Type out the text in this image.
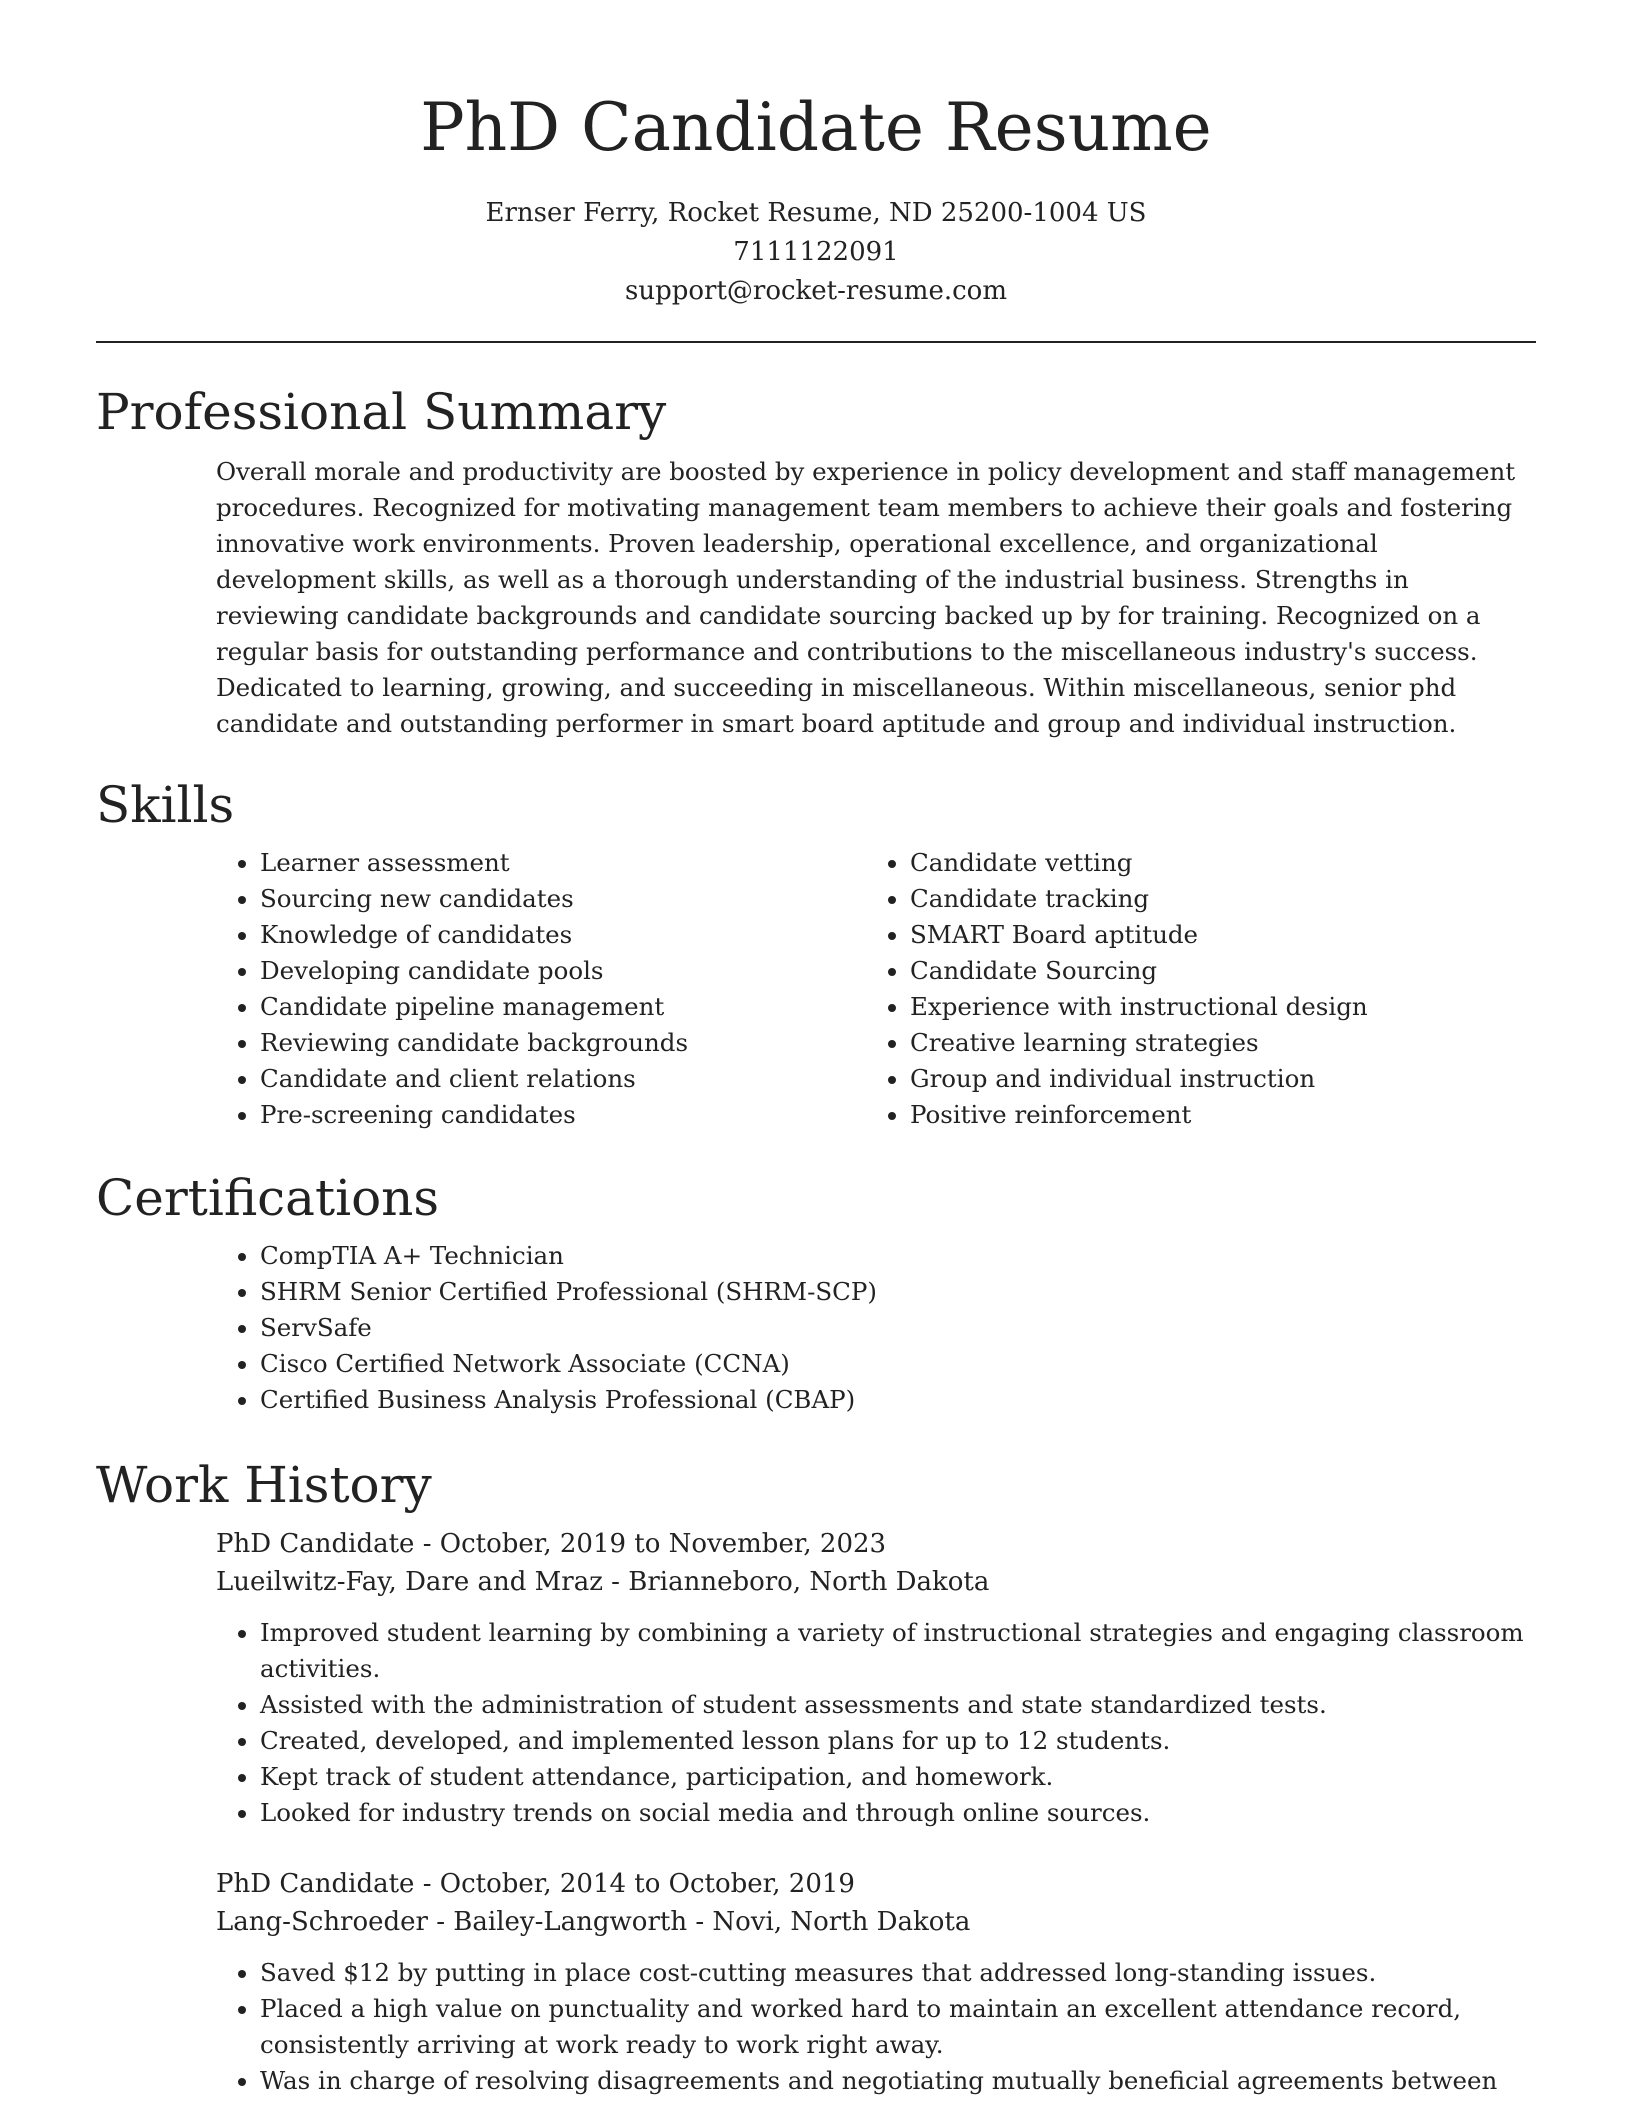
PhD Candidate Resume
Ernser Ferry, Rocket Resume, ND 25200-1004 US
7111122091
support@rocket-resume.com
Professional Summary
Overall morale and productivity are boosted by experience in policy development and staff management procedures. Recognized for motivating management team members to achieve their goals and fostering innovative work environments. Proven leadership, operational excellence, and organizational development skills, as well as a thorough understanding of the industrial business. Strengths in reviewing candidate backgrounds and candidate sourcing backed up by for training. Recognized on a regular basis for outstanding performance and contributions to the miscellaneous industry's success. Dedicated to learning, growing, and succeeding in miscellaneous. Within miscellaneous, senior phd candidate and outstanding performer in smart board aptitude and group and individual instruction.
Skills
• Learner assessment
• Sourcing new candidates
• Knowledge of candidates
• Developing candidate pools
• Candidate pipeline management
• Reviewing candidate backgrounds
• Candidate and client relations
• Pre-screening candidates
• Candidate vetting
• Candidate tracking
• SMART Board aptitude
• Candidate Sourcing
• Experience with instructional design
• Creative learning strategies
• Group and individual instruction
• Positive reinforcement
Certifications
• CompTIA A+ Technician
• SHRM Senior Certified Professional (SHRM-SCP)
• ServSafe
• Cisco Certified Network Associate (CCNA)
• Certified Business Analysis Professional (CBAP)
Work History
PhD Candidate - October, 2019 to November, 2023
Lueilwitz-Fay, Dare and Mraz - Brianneboro, North Dakota
• Improved student learning by combining a variety of instructional strategies and engaging classroom activities.
• Assisted with the administration of student assessments and state standardized tests.
• Created, developed, and implemented lesson plans for up to 12 students.
• Kept track of student attendance, participation, and homework.
• Looked for industry trends on social media and through online sources.
PhD Candidate - October, 2014 to October, 2019
Lang-Schroeder - Bailey-Langworth - Novi, North Dakota
• Saved $12 by putting in place cost-cutting measures that addressed long-standing issues.
• Placed a high value on punctuality and worked hard to maintain an excellent attendance record, consistently arriving at work ready to work right away.
• Was in charge of resolving disagreements and negotiating mutually beneficial agreements between
